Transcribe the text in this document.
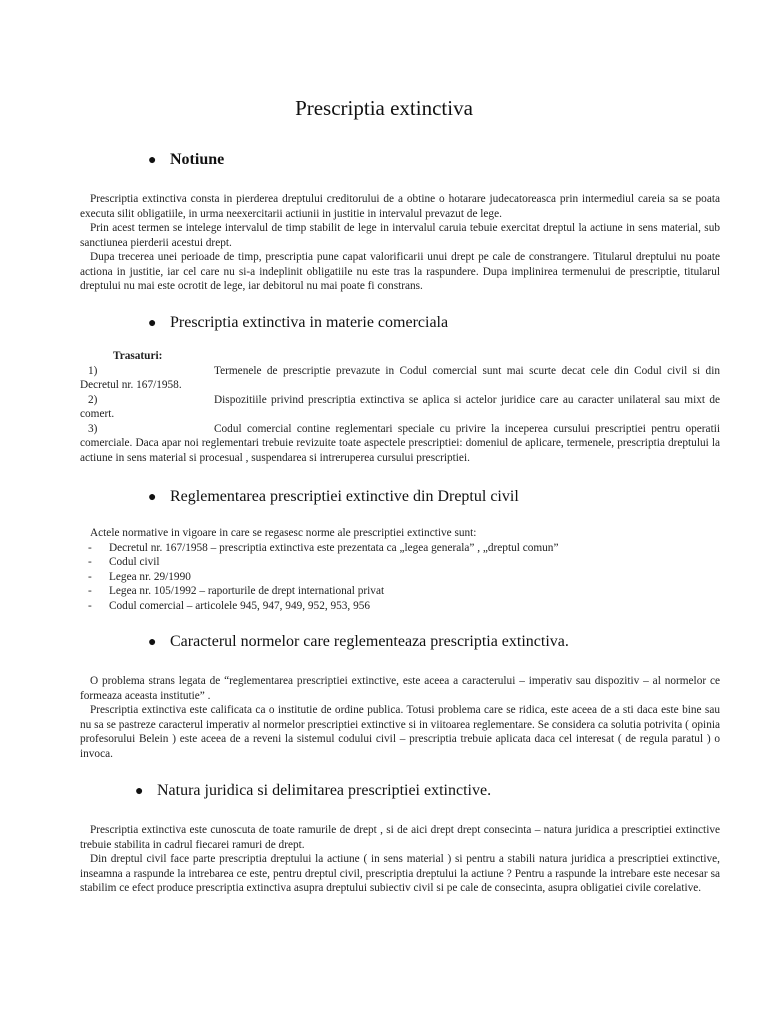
Prescriptia extinctiva
● Notiune

Prescriptia extinctiva consta in pierderea dreptului creditorului de a obtine o hotarare judecatoreasca prin intermediul careia sa se poata executa silit obligatiile, in urma neexercitarii actiunii in justitie in intervalul prevazut de lege.

Prin acest termen se intelege intervalul de timp stabilit de lege in intervalul caruia tebuie exercitat dreptul la actiune in sens material, sub sanctiunea pierderii acestui drept.

Dupa trecerea unei perioade de timp, prescriptia pune capat valorificarii unui drept pe cale de constrangere. Titularul dreptului nu poate actiona in justitie, iar cel care nu si-a indeplinit obligatiile nu este tras la raspundere. Dupa implinirea termenului de prescriptie, titularul dreptului nu mai este ocrotit de lege, iar debitorul nu mai poate fi constrans.

● Prescriptia extinctiva in materie comerciala

Trasaturi:

1)	Termenele de prescriptie prevazute in Codul comercial sunt mai scurte decat cele din Codul civil si din Decretul nr. 167/1958.

2)	Dispozitiile privind prescriptia extinctiva se aplica si actelor juridice care au caracter unilateral sau mixt de comert.

3)	Codul comercial contine reglementari speciale cu privire la inceperea cursului prescriptiei pentru operatii comerciale. Daca apar noi reglementari trebuie revizuite toate aspectele prescriptiei: domeniul de aplicare, termenele, prescriptia dreptului la actiune in sens material si procesual , suspendarea si intreruperea cursului prescriptiei.

● Reglementarea prescriptiei extinctive din Dreptul civil

Actele normative in vigoare in care se regasesc norme ale prescriptiei extinctive sunt:

- Decretul nr. 167/1958 – prescriptia extinctiva este prezentata ca „legea generala” , „dreptul comun”
- Codul civil
- Legea nr. 29/1990
- Legea nr. 105/1992 – raporturile de drept international privat
- Codul comercial – articolele 945, 947, 949, 952, 953, 956
● Caracterul normelor care reglementeaza prescriptia extinctiva.

O problema strans legata de “reglementarea prescriptiei extinctive, este aceea a caracterului – imperativ sau dispozitiv – al normelor ce formeaza aceasta institutie” .

Prescriptia extinctiva este calificata ca o institutie de ordine publica. Totusi problema care se ridica, este aceea de a sti daca este bine sau nu sa se pastreze caracterul imperativ al normelor prescriptiei extinctive si in viitoarea reglementare. Se considera ca solutia potrivita ( opinia profesorului Belein ) este aceea de a reveni la sistemul codului civil – prescriptia trebuie aplicata daca cel interesat ( de regula paratul ) o invoca.

● Natura juridica si delimitarea prescriptiei extinctive.

Prescriptia extinctiva este cunoscuta de toate ramurile de drept , si de aici drept drept consecinta – natura juridica a prescriptiei extinctive trebuie stabilita in cadrul fiecarei ramuri de drept.

Din dreptul civil face parte prescriptia dreptului la actiune ( in sens material ) si pentru a stabili natura juridica a prescriptiei extinctive, inseamna a raspunde la intrebarea ce este, pentru dreptul civil, prescriptia dreptului la actiune ? Pentru a raspunde la intrebare este necesar sa stabilim ce efect produce prescriptia extinctiva asupra dreptului subiectiv civil si pe cale de consecinta, asupra obligatiei civile corelative.
